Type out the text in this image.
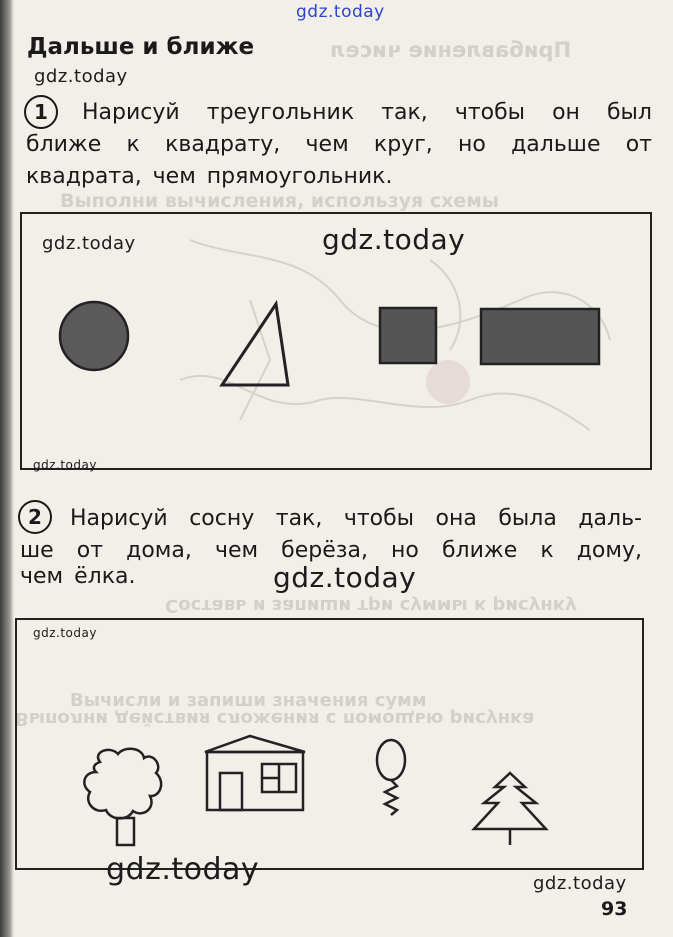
Прибавление чисел
Выполни вычисления, используя схемы
Составь и запиши три суммы к рисунку
Вычисли и запиши значения сумм
Выполни действия сложения с помощью рисунка
gdz.today
Дальше и ближе
gdz.today
1	Нарисуй треугольник так, чтобы он был
ближе к квадрату, чем круг, но дальше от
квадрата, чем прямоугольник.
gdz.today	gdz.today
gdz.today
2	Нарисуй сосну так, чтобы она была даль-
ше от дома, чем берёза, но ближе к дому,
чем ёлка.	gdz.today
gdz.today
gdz.today	gdz.today
93
